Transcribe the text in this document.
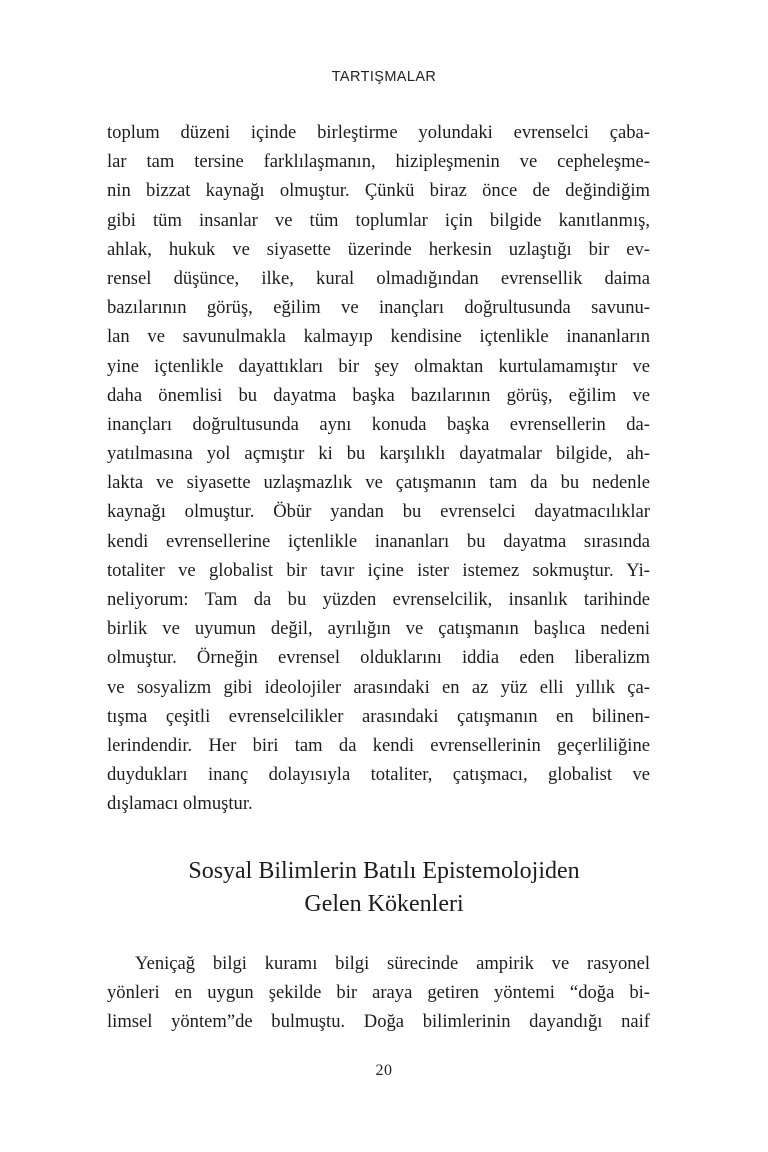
TARTIŞMALAR
toplum düzeni içinde birleştirme yolundaki evrenselci çaba-
lar tam tersine farklılaşmanın, hizipleşmenin ve cepheleşme-
nin bizzat kaynağı olmuştur. Çünkü biraz önce de değindiğim
gibi tüm insanlar ve tüm toplumlar için bilgide kanıtlanmış,
ahlak, hukuk ve siyasette üzerinde herkesin uzlaştığı bir ev-
rensel düşünce, ilke, kural olmadığından evrensellik daima
bazılarının görüş, eğilim ve inançları doğrultusunda savunu-
lan ve savunulmakla kalmayıp kendisine içtenlikle inananların
yine içtenlikle dayattıkları bir şey olmaktan kurtulamamıştır ve
daha önemlisi bu dayatma başka bazılarının görüş, eğilim ve
inançları doğrultusunda aynı konuda başka evrensellerin da-
yatılmasına yol açmıştır ki bu karşılıklı dayatmalar bilgide, ah-
lakta ve siyasette uzlaşmazlık ve çatışmanın tam da bu nedenle
kaynağı olmuştur. Öbür yandan bu evrenselci dayatmacılıklar
kendi evrensellerine içtenlikle inananları bu dayatma sırasında
totaliter ve globalist bir tavır içine ister istemez sokmuştur. Yi-
neliyorum: Tam da bu yüzden evrenselcilik, insanlık tarihinde
birlik ve uyumun değil, ayrılığın ve çatışmanın başlıca nedeni
olmuştur. Örneğin evrensel olduklarını iddia eden liberalizm
ve sosyalizm gibi ideolojiler arasındaki en az yüz elli yıllık ça-
tışma çeşitli evrenselcilikler arasındaki çatışmanın en bilinen-
lerindendir. Her biri tam da kendi evrensellerinin geçerliliğine
duydukları inanç dolayısıyla totaliter, çatışmacı, globalist ve
dışlamacı olmuştur.
Sosyal Bilimlerin Batılı Epistemolojiden
Gelen Kökenleri
Yeniçağ bilgi kuramı bilgi sürecinde ampirik ve rasyonel
yönleri en uygun şekilde bir araya getiren yöntemi “doğa bi-
limsel yöntem”de bulmuştu. Doğa bilimlerinin dayandığı naif
20
